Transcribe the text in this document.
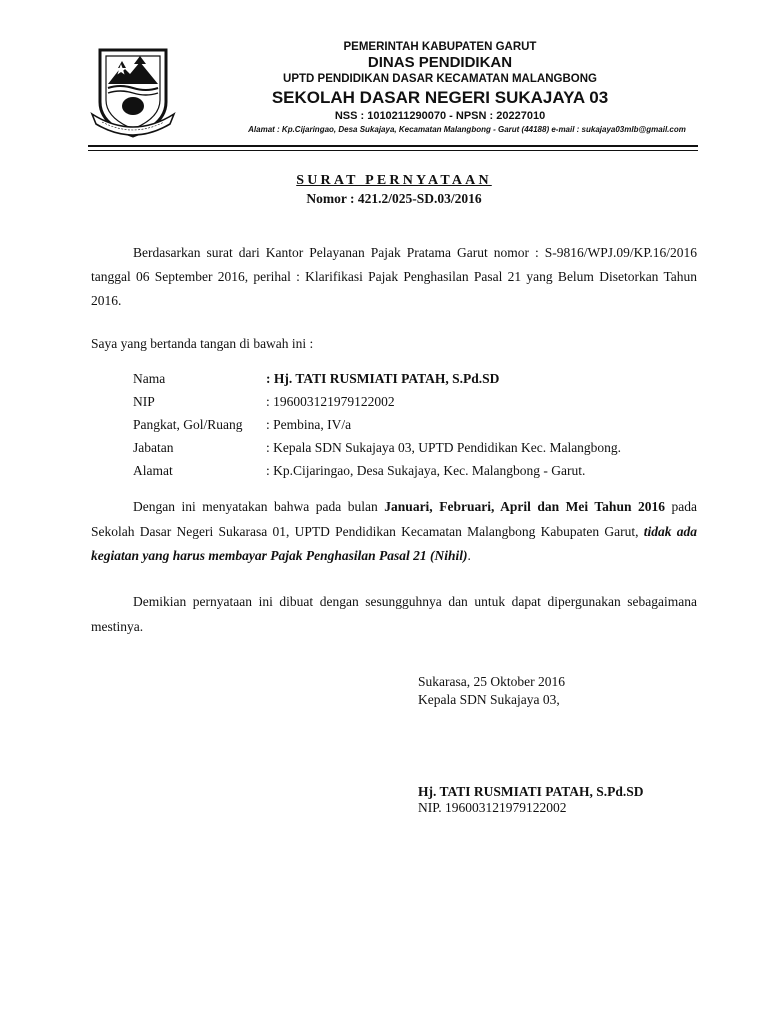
PEMERINTAH KABUPATEN GARUT
DINAS PENDIDIKAN
UPTD PENDIDIKAN DASAR KECAMATAN MALANGBONG
SEKOLAH DASAR NEGERI SUKAJAYA 03
NSS : 1010211290070 - NPSN : 20227010
Alamat : Kp.Cijaringao, Desa Sukajaya, Kecamatan Malangbong - Garut (44188) e-mail : sukajaya03mlb@gmail.com
SURAT PERNYATAAN
Nomor : 421.2/025-SD.03/2016
Berdasarkan surat dari Kantor Pelayanan Pajak Pratama Garut nomor : S-9816/WPJ.09/KP.16/2016 tanggal 06 September 2016, perihal : Klarifikasi Pajak Penghasilan Pasal 21 yang Belum Disetorkan Tahun 2016.
Saya yang bertanda tangan di bawah ini :
Nama	: Hj. TATI RUSMIATI PATAH, S.Pd.SD
NIP	: 196003121979122002
Pangkat, Gol/Ruang	: Pembina, IV/a
Jabatan	: Kepala SDN Sukajaya 03, UPTD Pendidikan Kec. Malangbong.
Alamat	: Kp.Cijaringao, Desa Sukajaya, Kec. Malangbong - Garut.
Dengan ini menyatakan bahwa pada bulan Januari, Februari, April dan Mei Tahun 2016 pada Sekolah Dasar Negeri Sukarasa 01, UPTD Pendidikan Kecamatan Malangbong Kabupaten Garut, tidak ada kegiatan yang harus membayar Pajak Penghasilan Pasal 21 (Nihil).
Demikian pernyataan ini dibuat dengan sesungguhnya dan untuk dapat dipergunakan sebagaimana mestinya.
Sukarasa, 25 Oktober 2016
Kepala SDN Sukajaya 03,
Hj. TATI RUSMIATI PATAH, S.Pd.SD
NIP. 196003121979122002
